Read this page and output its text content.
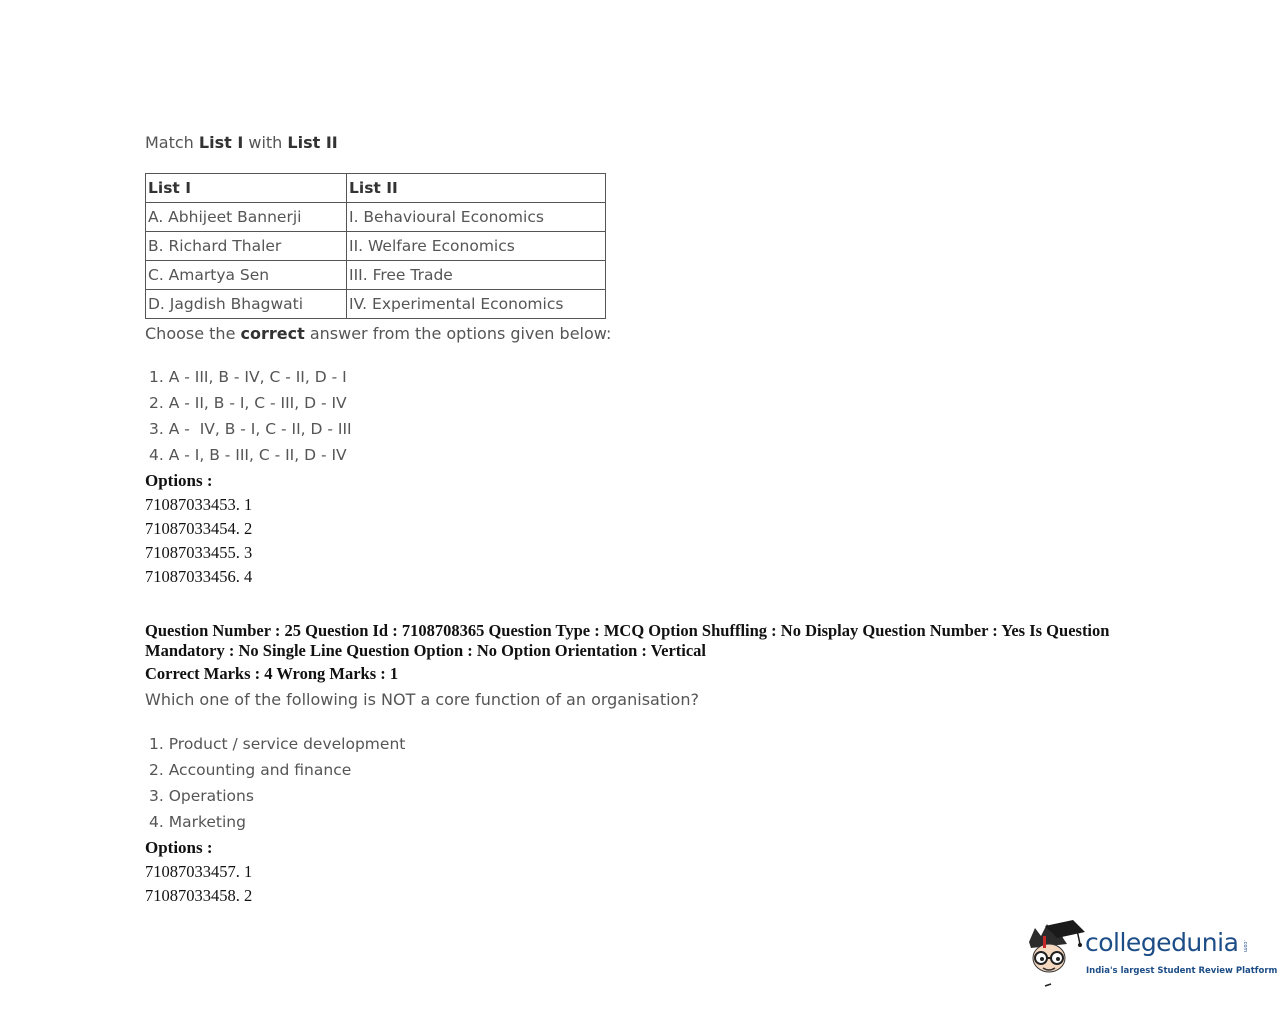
Match List I with List II
List I	List II
A. Abhijeet Bannerji	I. Behavioural Economics
B. Richard Thaler	II. Welfare Economics
C. Amartya Sen	III. Free Trade
D. Jagdish Bhagwati	IV. Experimental Economics
Choose the correct answer from the options given below:
1. A - III, B - IV, C - II, D - I
2. A - II, B - I, C - III, D - IV
3. A -  IV, B - I, C - II, D - III
4. A - I, B - III, C - II, D - IV
Options :
71087033453. 1
71087033454. 2
71087033455. 3
71087033456. 4
Question Number : 25 Question Id : 7108708365 Question Type : MCQ Option Shuffling : No Display Question Number : Yes Is Question Mandatory : No Single Line Question Option : No Option Orientation : Vertical
Correct Marks : 4 Wrong Marks : 1
Which one of the following is NOT a core function of an organisation?
1. Product / service development
2. Accounting and finance
3. Operations
4. Marketing
Options :
71087033457. 1
71087033458. 2
collegedunia .com
India's largest Student Review Platform
